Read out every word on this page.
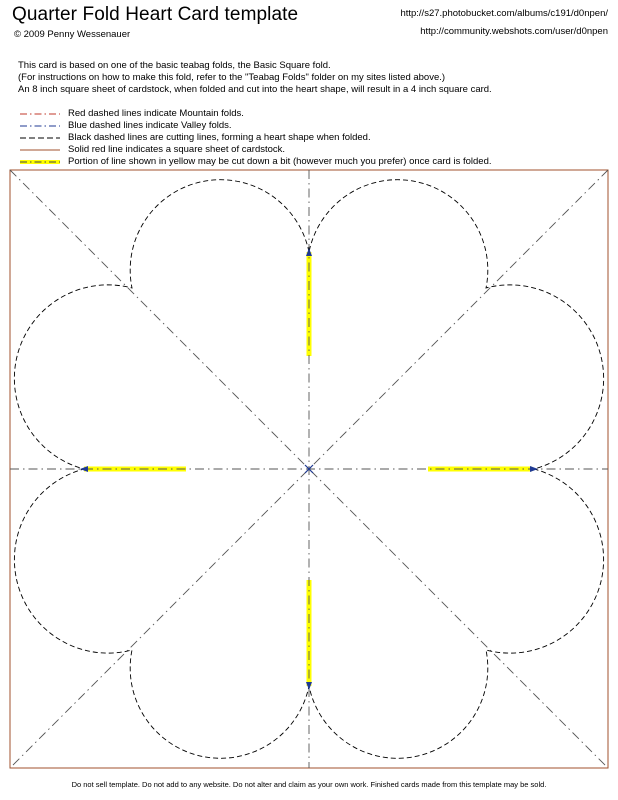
Quarter Fold Heart Card template
© 2009 Penny Wessenauer
http://s27.photobucket.com/albums/c191/d0npen/
http://community.webshots.com/user/d0npen
This card is based on one of the basic teabag folds, the Basic Square fold.
(For instructions on how to make this fold, refer to the "Teabag Folds" folder on my sites listed above.)
An 8 inch square sheet of cardstock, when folded and cut into the heart shape, will result in a 4 inch square card.
Red dashed lines indicate Mountain folds.
Blue dashed lines indicate Valley folds.
Black dashed lines are cutting lines, forming a heart shape when folded.
Solid red line indicates a square sheet of cardstock.
Portion of line shown in yellow may be cut down a bit (however much you prefer) once card is folded.
Do not sell template. Do not add to any website. Do not alter and claim as your own work. Finished cards made from this template may be sold.
